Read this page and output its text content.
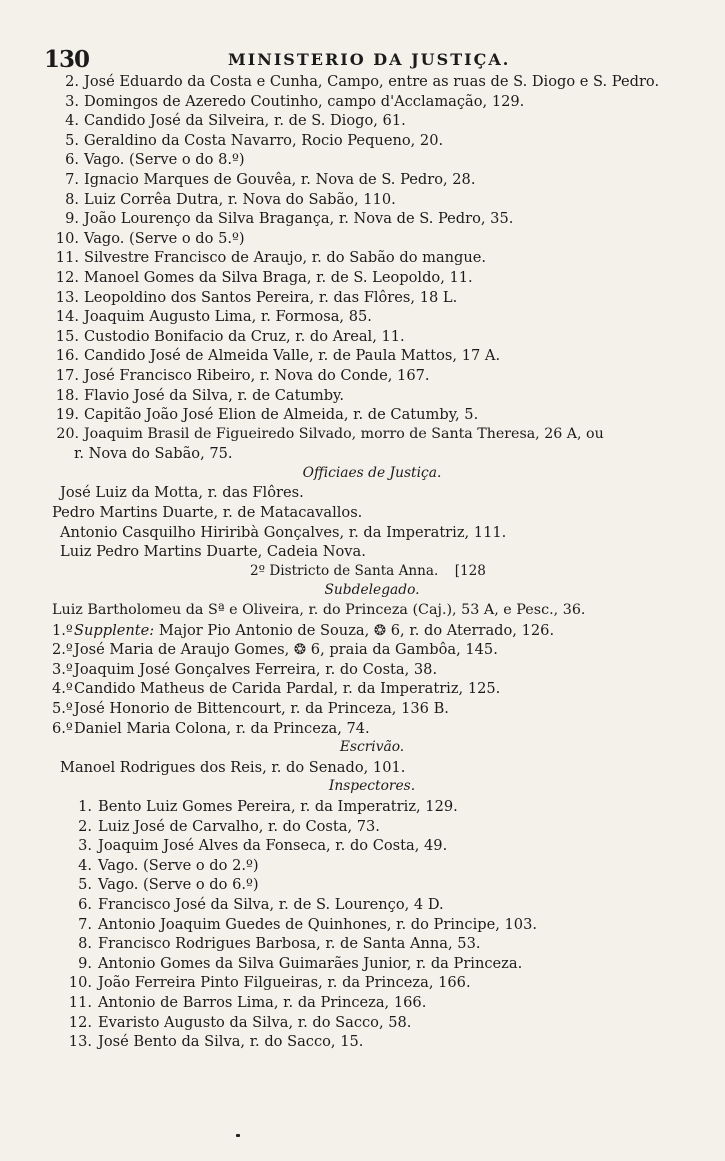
130	MINISTERIO DA JUSTIÇA.
2. José Eduardo da Costa e Cunha, Campo, entre as ruas de S. Diogo e S. Pedro.
3. Domingos de Azeredo Coutinho, campo d'Acclamação, 129.
4. Candido José da Silveira, r. de S. Diogo, 61.
5. Geraldino da Costa Navarro, Rocio Pequeno, 20.
6. Vago. (Serve o do 8.º)
7. Ignacio Marques de Gouvêa, r. Nova de S. Pedro, 28.
8. Luiz Corrêa Dutra, r. Nova do Sabão, 110.
9. João Lourenço da Silva Bragança, r. Nova de S. Pedro, 35.
10. Vago. (Serve o do 5.º)
11. Silvestre Francisco de Araujo, r. do Sabão do mangue.
12. Manoel Gomes da Silva Braga, r. de S. Leopoldo, 11.
13. Leopoldino dos Santos Pereira, r. das Flôres, 18 L.
14. Joaquim Augusto Lima, r. Formosa, 85.
15. Custodio Bonifacio da Cruz, r. do Areal, 11.
16. Candido José de Almeida Valle, r. de Paula Mattos, 17 A.
17. José Francisco Ribeiro, r. Nova do Conde, 167.
18. Flavio José da Silva, r. de Catumby.
19. Capitão João José Elion de Almeida, r. de Catumby, 5.
20. Joaquim Brasil de Figueiredo Silvado, morro de Santa Theresa, 26 A, ou
r. Nova do Sabão, 75.
Officiaes de Justiça.
José Luiz da Motta, r. das Flôres.
Pedro Martins Duarte, r. de Matacavallos.
Antonio Casquilho Hiriribà Gonçalves, r. da Imperatriz, 111.
Luiz Pedro Martins Duarte, Cadeia Nova.
2º Districto de Santa Anna. [128
Subdelegado.
Luiz Bartholomeu da Sª e Oliveira, r. do Princeza (Caj.), 53 A, e Pesc., 36.
1.ºSupplente: Major Pio Antonio de Souza, ❂ 6, r. do Aterrado, 126.
2.ºJosé Maria de Araujo Gomes, ❂ 6, praia da Gambôa, 145.
3.ºJoaquim José Gonçalves Ferreira, r. do Costa, 38.
4.ºCandido Matheus de Carida Pardal, r. da Imperatriz, 125.
5.ºJosé Honorio de Bittencourt, r. da Princeza, 136 B.
6.ºDaniel Maria Colona, r. da Princeza, 74.
Escrivão.
Manoel Rodrigues dos Reis, r. do Senado, 101.
Inspectores.
1. Bento Luiz Gomes Pereira, r. da Imperatriz, 129.
2. Luiz José de Carvalho, r. do Costa, 73.
3. Joaquim José Alves da Fonseca, r. do Costa, 49.
4. Vago. (Serve o do 2.º)
5. Vago. (Serve o do 6.º)
6. Francisco José da Silva, r. de S. Lourenço, 4 D.
7. Antonio Joaquim Guedes de Quinhones, r. do Principe, 103.
8. Francisco Rodrigues Barbosa, r. de Santa Anna, 53.
9. Antonio Gomes da Silva Guimarães Junior, r. da Princeza.
10. João Ferreira Pinto Filgueiras, r. da Princeza, 166.
11. Antonio de Barros Lima, r. da Princeza, 166.
12. Evaristo Augusto da Silva, r. do Sacco, 58.
13. José Bento da Silva, r. do Sacco, 15.
